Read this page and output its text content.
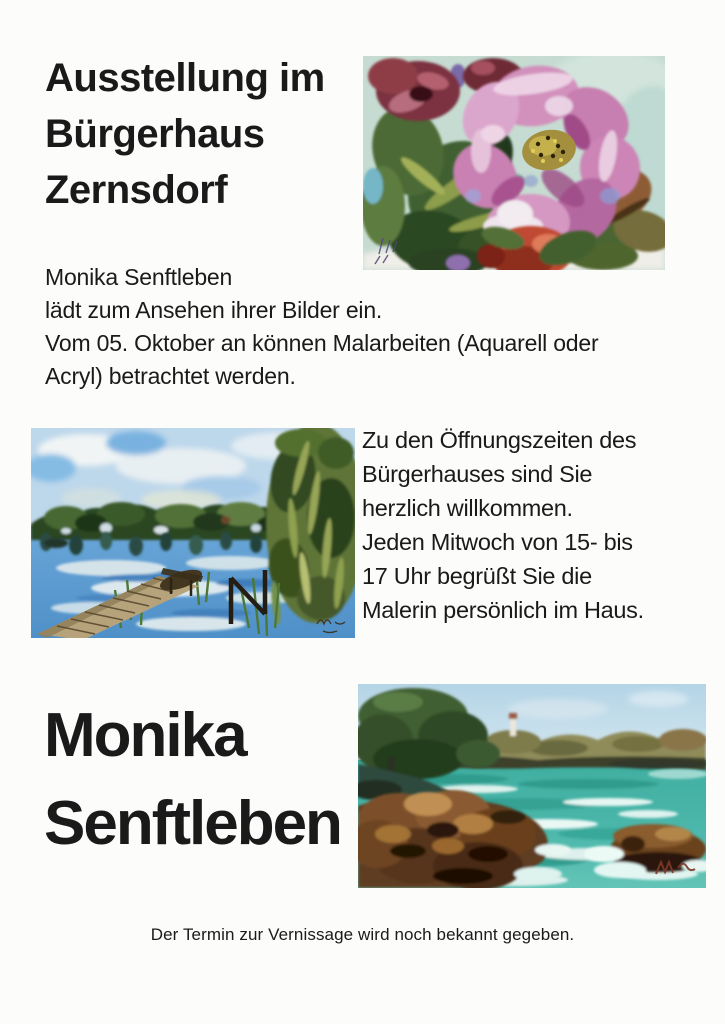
Ausstellung im
Bürgerhaus
Zernsdorf
Monika Senftleben
lädt zum Ansehen ihrer Bilder ein.
Vom 05. Oktober an können Malarbeiten (Aquarell oder
Acryl) betrachtet werden.
Zu den Öffnungszeiten des
Bürgerhauses sind Sie
herzlich willkommen.
Jeden Mitwoch von 15- bis
17 Uhr begrüßt Sie die
Malerin persönlich im Haus.
Monika
Senftleben
Der Termin zur Vernissage wird noch bekannt gegeben.
